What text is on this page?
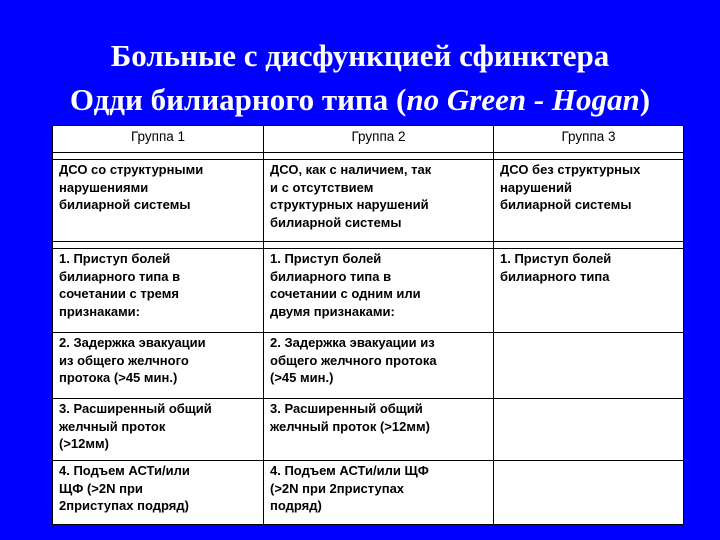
Больные с дисфункцией сфинктера
Одди билиарного типа (по Green - Hogan)
Группа 1	Группа 2	Группа 3

ДСО со структурными
нарушениями
билиарной системы	ДСО, как с наличием, так
и с отсутствием
структурных нарушений
билиарной системы	ДСО без структурных
нарушений
билиарной системы

1. Приступ болей
билиарного типа в
сочетании с тремя
признаками:	1. Приступ болей
билиарного типа в
сочетании с одним или
двумя признаками:	1. Приступ болей
билиарного типа

2. Задержка эвакуации
из общего желчного
протока (>45 мин.)	2. Задержка эвакуации из
общего желчного протока
(>45 мин.)	

3. Расширенный общий
желчный проток
(>12мм)	3. Расширенный общий
желчный проток (>12мм)	

4. Подъем АСТи/или
ЩФ (>2N при
2приступах подряд)	4. Подъем АСТи/или ЩФ
(>2N при 2приступах
подряд)	
